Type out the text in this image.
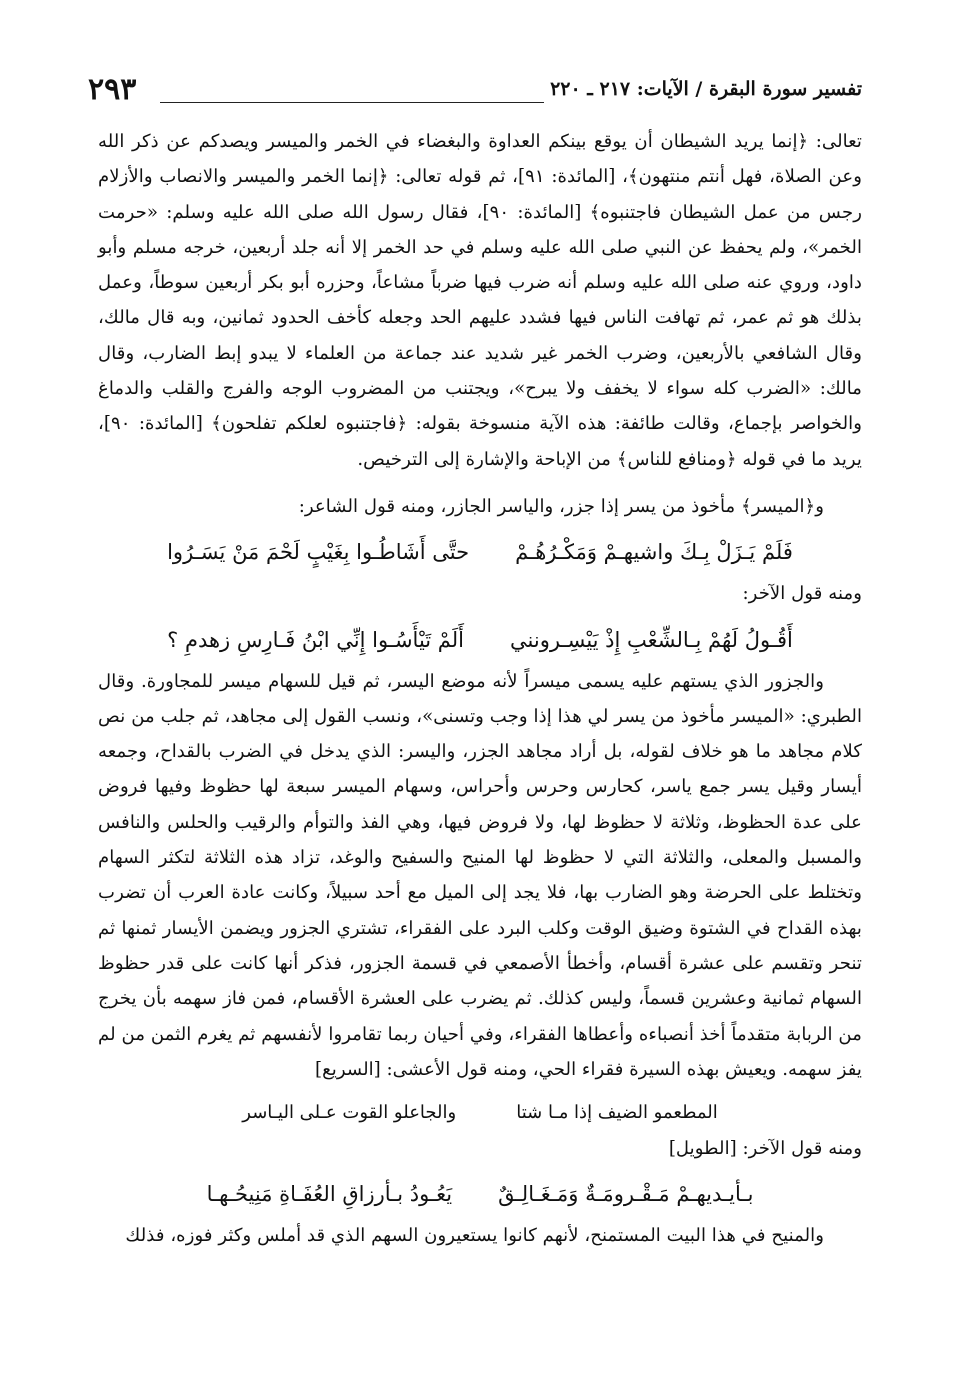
تفسير سورة البقرة / الآيات: ٢١٧ ـ ٢٢٠
٢٩٣

تعالى: ﴿إنما يريد الشيطان أن يوقع بينكم العداوة والبغضاء في الخمر والميسر ويصدكم عن ذكر الله وعن الصلاة، فهل أنتم منتهون﴾، [المائدة: ٩١]، ثم قوله تعالى: ﴿إنما الخمر والميسر والانصاب والأزلام رجس من عمل الشيطان فاجتنبوه﴾ [المائدة: ٩٠]، فقال رسول الله صلى الله عليه وسلم: «حرمت الخمر»، ولم يحفظ عن النبي صلى الله عليه وسلم في حد الخمر إلا أنه جلد أربعين، خرجه مسلم وأبو داود، وروي عنه صلى الله عليه وسلم أنه ضرب فيها ضرباً مشاعاً، وحزره أبو بكر أربعين سوطاً، وعمل بذلك هو ثم عمر، ثم تهافت الناس فيها فشدد عليهم الحد وجعله كأخف الحدود ثمانين، وبه قال مالك، وقال الشافعي بالأربعين، وضرب الخمر غير شديد عند جماعة من العلماء لا يبدو إبط الضارب، وقال مالك: «الضرب كله سواء لا يخفف ولا يبرح»، ويجتنب من المضروب الوجه والفرج والقلب والدماغ والخواصر بإجماع، وقالت طائفة: هذه الآية منسوخة بقوله: ﴿فاجتنبوه لعلكم تفلحون﴾ [المائدة: ٩٠]، يريد ما في قوله ﴿ومنافع للناس﴾ من الإباحة والإشارة إلى الترخيص.

و﴿الميسر﴾ مأخوذ من يسر إذا جزر، والياسر الجازر، ومنه قول الشاعر:

فَلَمْ يَـزَلْ بِـكَ واشيهـمْ وَمَكْـرُهُـمْ
حتَّى أَشَاطُـوا بِغَيْبٍ لَحْمَ مَنْ يَسَـرُوا

ومنه قول الآخر:

أَقُـولُ لَهُمْ بِـالشِّعْبِ إِذْ يَيْسِـرونني
أَلَمْ تَيْأَسُـوا إِنِّي ابْنُ فَـارِسِ زهدمِ ؟

والجزور الذي يستهم عليه يسمى ميسراً لأنه موضع اليسر، ثم قيل للسهام ميسر للمجاورة. وقال الطبري: «الميسر مأخوذ من يسر لي هذا إذا وجب وتسنى»، ونسب القول إلى مجاهد، ثم جلب من نص كلام مجاهد ما هو خلاف لقوله، بل أراد مجاهد الجزر، واليسر: الذي يدخل في الضرب بالقداح، وجمعه أيسار وقيل يسر جمع ياسر، كحارس وحرس وأحراس، وسهام الميسر سبعة لها حظوظ وفيها فروض على عدة الحظوظ، وثلاثة لا حظوظ لها، ولا فروض فيها، وهي الفذ والتوأم والرقيب والحلس والنافس والمسبل والمعلى، والثلاثة التي لا حظوظ لها المنيح والسفيح والوغد، تزاد هذه الثلاثة لتكثر السهام وتختلط على الحرضة وهو الضارب بها، فلا يجد إلى الميل مع أحد سبيلاً، وكانت عادة العرب أن تضرب بهذه القداح في الشتوة وضيق الوقت وكلب البرد على الفقراء، تشتري الجزور ويضمن الأيسار ثمنها ثم تنحر وتقسم على عشرة أقسام، وأخطأ الأصمعي في قسمة الجزور، فذكر أنها كانت على قدر حظوظ السهام ثمانية وعشرين قسماً، وليس كذلك. ثم يضرب على العشرة الأقسام، فمن فاز سهمه بأن يخرج من الربابة متقدماً أخذ أنصباءه وأعطاها الفقراء، وفي أحيان ربما تقامروا لأنفسهم ثم يغرم الثمن من لم يفز سهمه. ويعيش بهذه السيرة فقراء الحي، ومنه قول الأعشى: [السريع]

المطعمو الضيف إذا مـا شتا
والجاعلو القوت عـلى اليـاسر

ومنه قول الآخر: [الطويل]

بـأيـديهـمْ مَـقْـرومَـةٌ وَمَـغَـالِـقٌ
يَعُـودُ بـأرزاقِ العُفَـاةِ مَنِيحُـهـا

والمنيح في هذا البيت المستمنح، لأنهم كانوا يستعيرون السهم الذي قد أملس وكثر فوزه، فذلك
